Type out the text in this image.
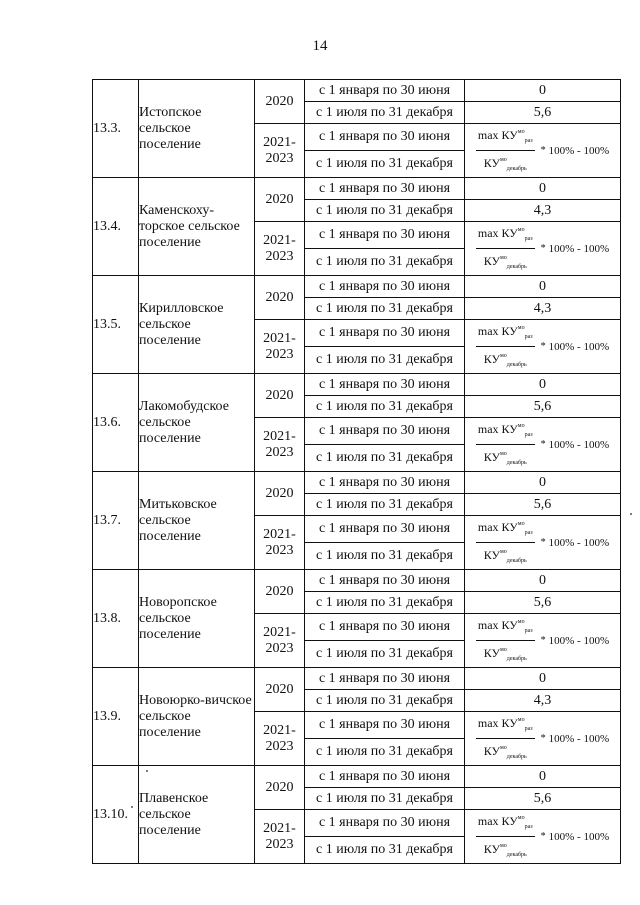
14
13.3.	Истопское сельское поселение	2020	с 1 января по 30 июня	0
			с 1 июля по 31 декабря	5,6
		2021-2023	с 1 января по 30 июня	$\frac{\max КУ^{мо}_{раз}}{КУ^{мо}_{декабрь}} * 100\% - 100\%$

			с 1 июля по 31 декабря	
13.4.	Каменскоху-торское сельское поселение	2020	с 1 января по 30 июня	0
			с 1 июля по 31 декабря	4,3
		2021-2023	с 1 января по 30 июня	$\frac{\max КУ^{мо}_{раз}}{КУ^{мо}_{декабрь}} * 100\% - 100\%$

			с 1 июля по 31 декабря	
13.5.	Кирилловское сельское поселение	2020	с 1 января по 30 июня	0
			с 1 июля по 31 декабря	4,3
		2021-2023	с 1 января по 30 июня	$\frac{\max КУ^{мо}_{раз}}{КУ^{мо}_{декабрь}} * 100\% - 100\%$

			с 1 июля по 31 декабря	
13.6.	Лакомобудское сельское поселение	2020	с 1 января по 30 июня	0
			с 1 июля по 31 декабря	5,6
		2021-2023	с 1 января по 30 июня	$\frac{\max КУ^{мо}_{раз}}{КУ^{мо}_{декабрь}} * 100\% - 100\%$

			с 1 июля по 31 декабря	
13.7.	Митьковское сельское поселение	2020	с 1 января по 30 июня	0
			с 1 июля по 31 декабря	5,6
		2021-2023	с 1 января по 30 июня	$\frac{\max КУ^{мо}_{раз}}{КУ^{мо}_{декабрь}} * 100\% - 100\%$

			с 1 июля по 31 декабря	
13.8.	Новоропское сельское поселение	2020	с 1 января по 30 июня	0
			с 1 июля по 31 декабря	5,6
		2021-2023	с 1 января по 30 июня	$\frac{\max КУ^{мо}_{раз}}{КУ^{мо}_{декабрь}} * 100\% - 100\%$

			с 1 июля по 31 декабря	
13.9.	Новоюрко-вичское сельское поселение	2020	с 1 января по 30 июня	0
			с 1 июля по 31 декабря	4,3
		2021-2023	с 1 января по 30 июня	$\frac{\max КУ^{мо}_{раз}}{КУ^{мо}_{декабрь}} * 100\% - 100\%$

			с 1 июля по 31 декабря	
13.10.	Плавенское сельское поселение	2020	с 1 января по 30 июня	0
			с 1 июля по 31 декабря	5,6
		2021-2023	с 1 января по 30 июня	$\frac{\max КУ^{мо}_{раз}}{КУ^{мо}_{декабрь}} * 100\% - 100\%$

			с 1 июля по 31 декабря	
